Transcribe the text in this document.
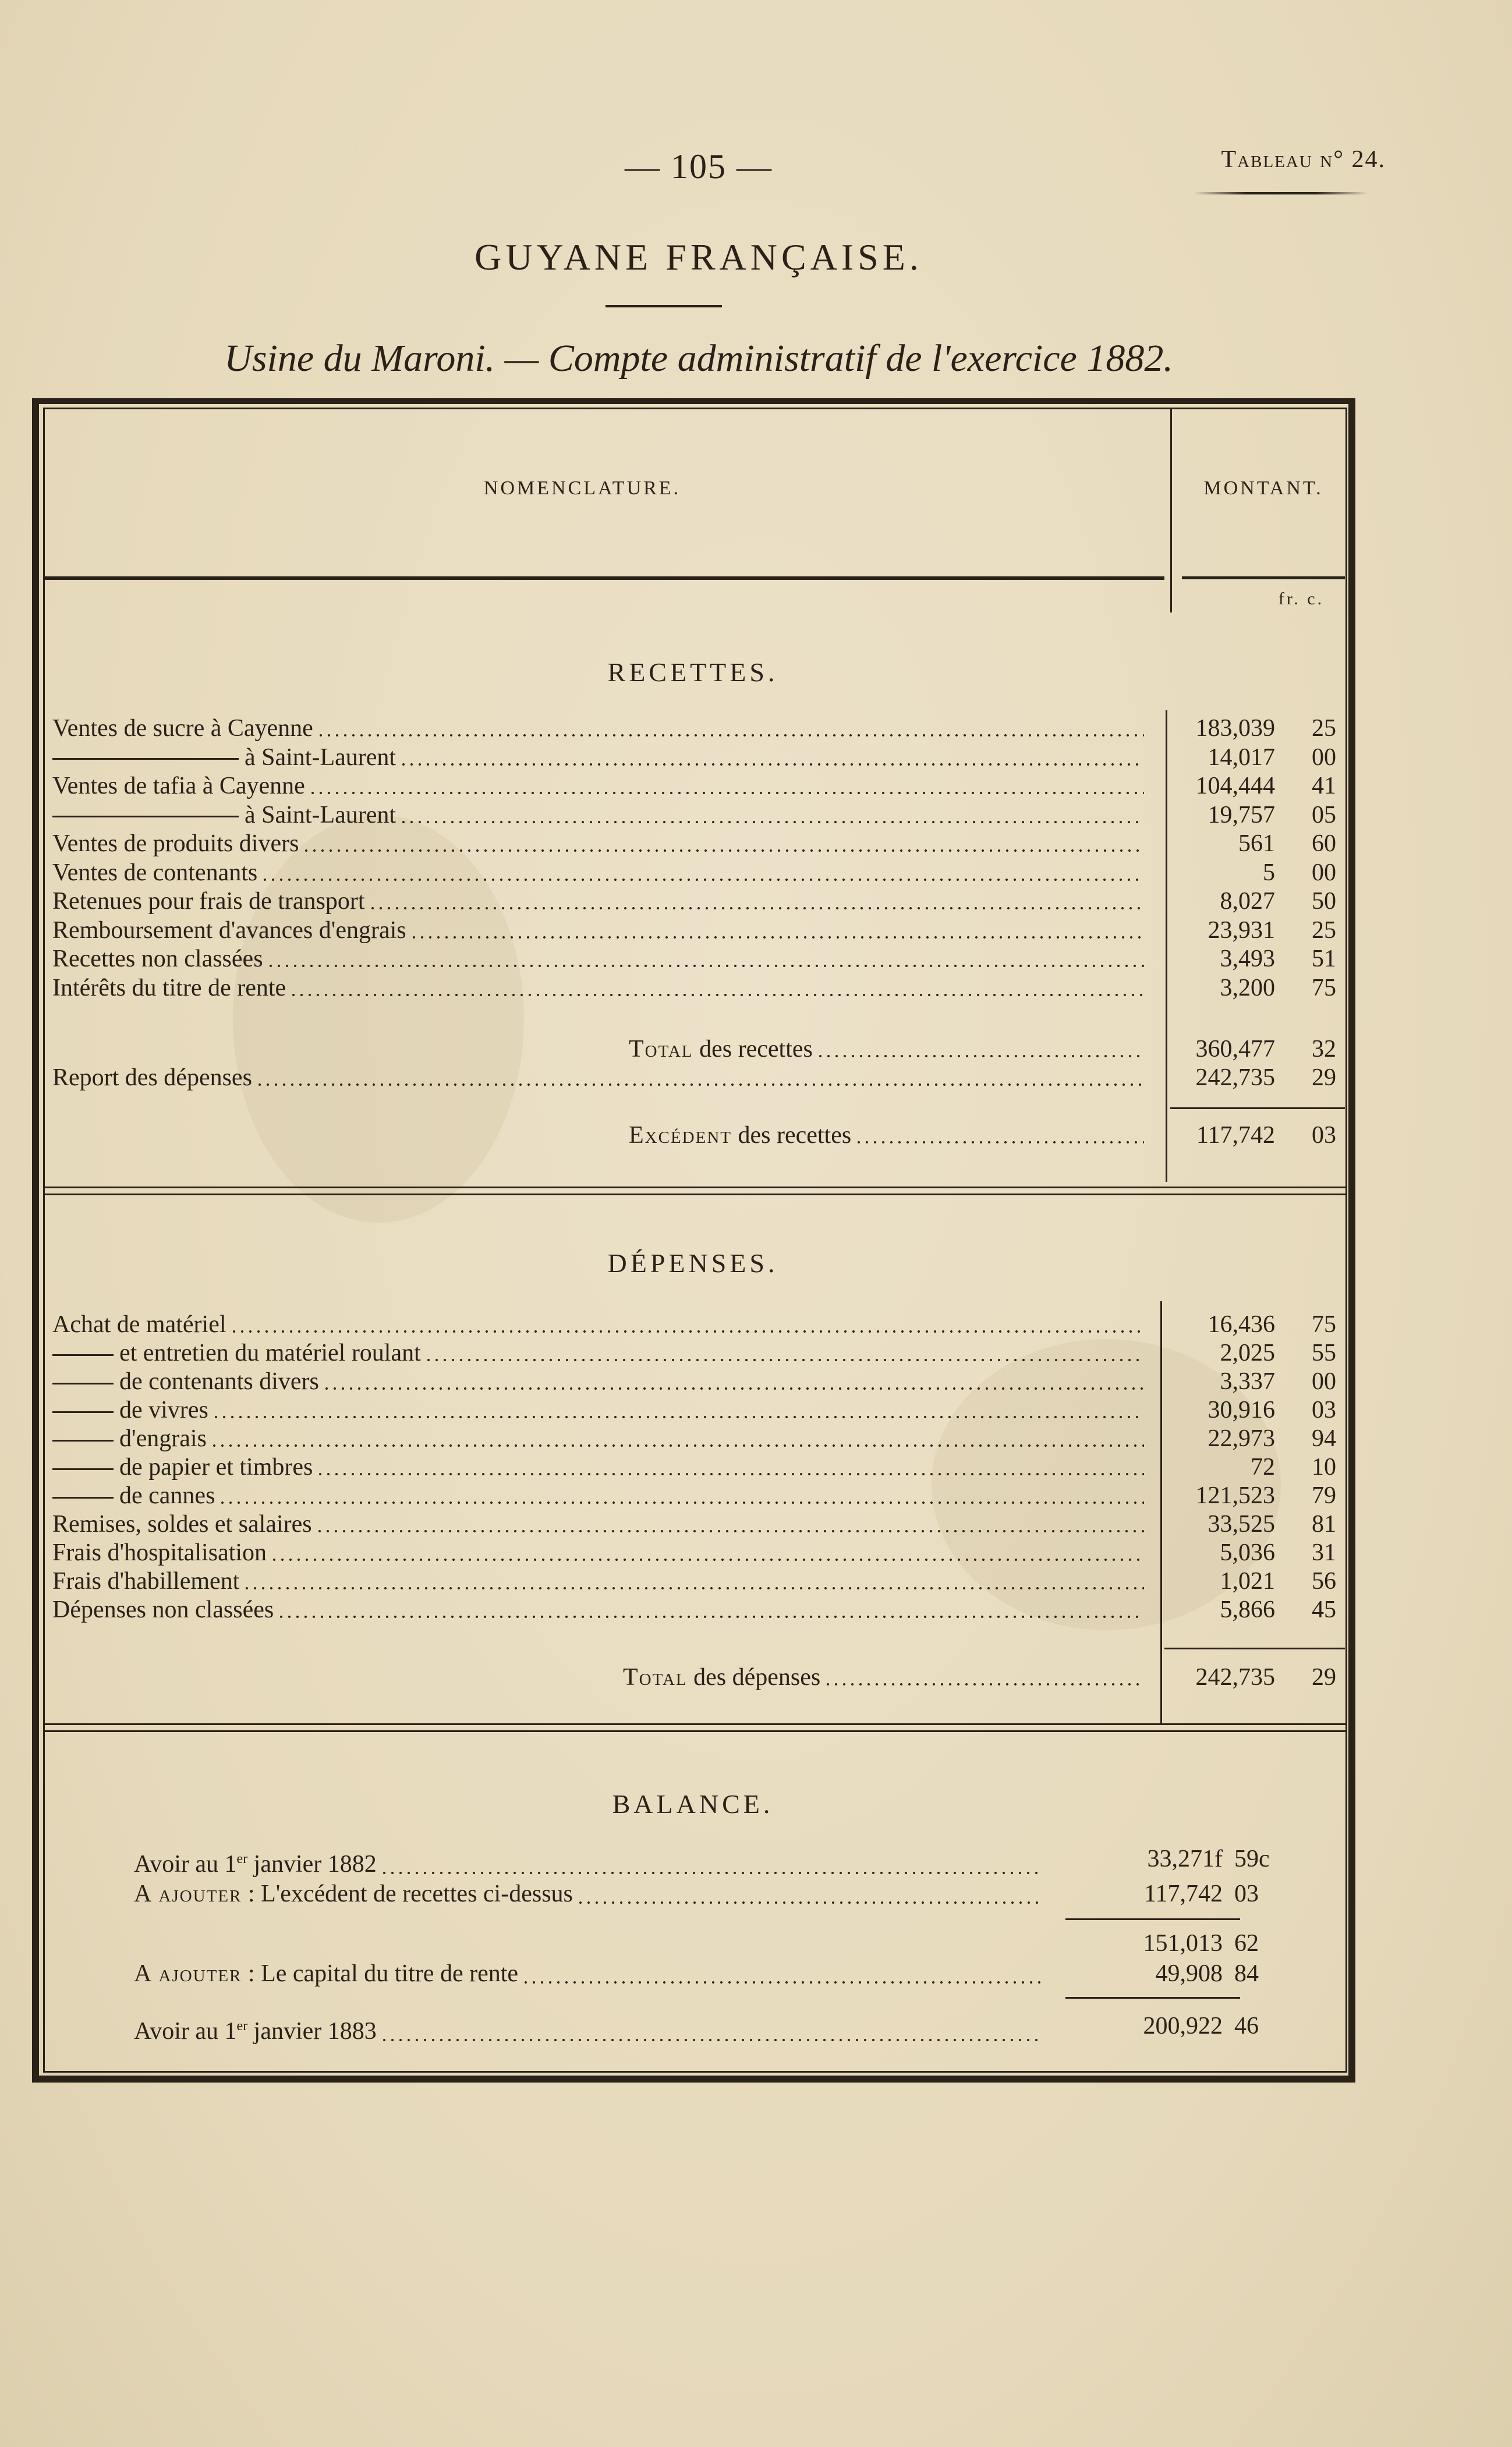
— 105 —	Tableau n° 24.
GUYANE FRANÇAISE.
Usine du Maroni. — Compte administratif de l'exercice 1882.
NOMENCLATURE.	MONTANT.
fr. c.
RECETTES.
Ventes de sucre à Cayenne	183,039	25
à Saint-Laurent	14,017	00
Ventes de tafia à Cayenne	104,444	41
à Saint-Laurent	19,757	05
Ventes de produits divers	561	60
Ventes de contenants	5	00
Retenues pour frais de transport	8,027	50
Remboursement d'avances d'engrais	23,931	25
Recettes non classées	3,493	51
Intérêts du titre de rente	3,200	75
Total des recettes	360,477	32
Report des dépenses	242,735	29
Excédent des recettes	117,742	03
DÉPENSES.
Achat de matériel	16,436	75
et entretien du matériel roulant	2,025	55
de contenants divers	3,337	00
de vivres	30,916	03
d'engrais	22,973	94
de papier et timbres	72	10
de cannes	121,523	79
Remises, soldes et salaires	33,525	81
Frais d'hospitalisation	5,036	31
Frais d'habillement	1,021	56
Dépenses non classées	5,866	45
Total des dépenses	242,735	29
BALANCE.
Avoir au 1er janvier 1882	33,271f 59c
A ajouter : L'excédent de recettes ci-dessus	117,742 03
151,013 62
A ajouter : Le capital du titre de rente	49,908 84
Avoir au 1er janvier 1883	200,922 46
